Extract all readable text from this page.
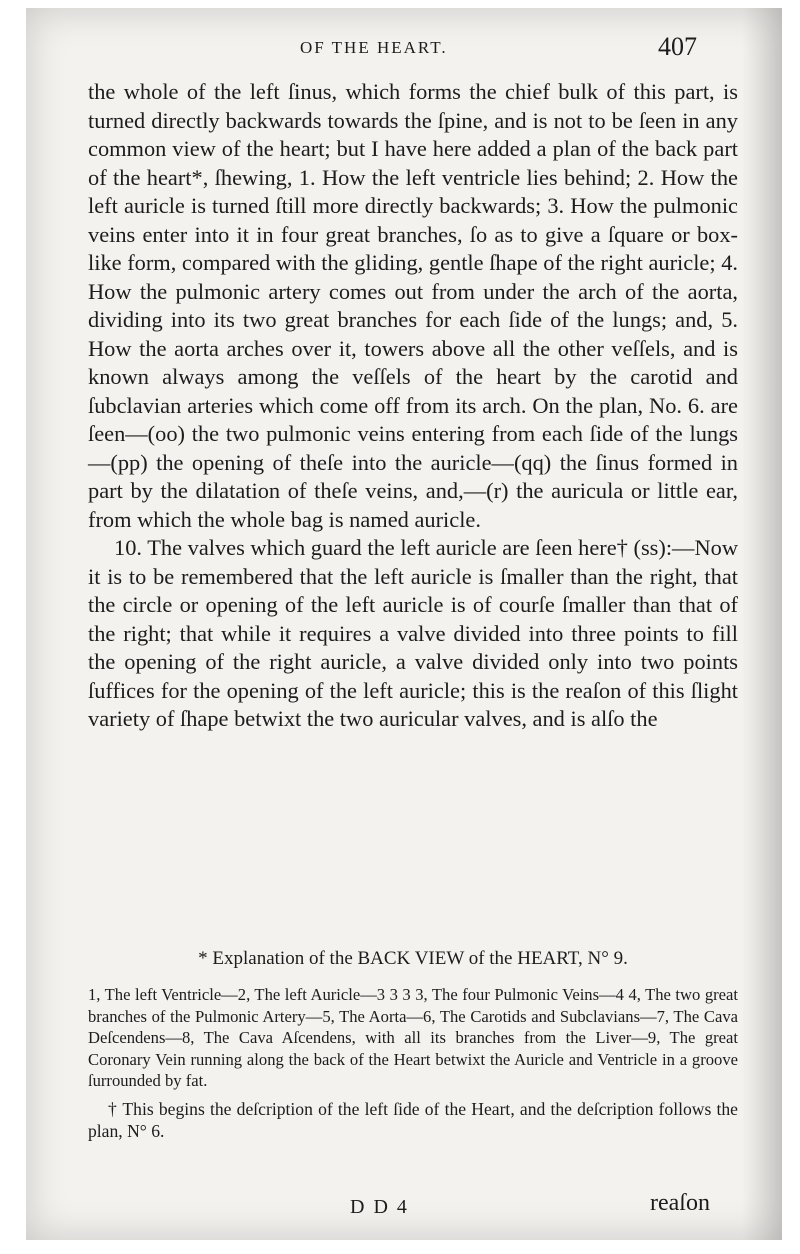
OF THE HEART.	407

the whole of the left ſinus, which forms the chief bulk of this part, is turned directly backwards towards the ſpine, and is not to be ſeen in any common view of the heart; but I have here added a plan of the back part of the heart*, ſhewing, 1. How the left ventricle lies behind; 2. How the left auricle is turned ſtill more directly backwards; 3. How the pulmonic veins enter into it in four great branches, ſo as to give a ſquare or box-like form, compared with the gliding, gentle ſhape of the right auricle; 4. How the pulmonic artery comes out from under the arch of the aorta, dividing into its two great branches for each ſide of the lungs; and, 5. How the aorta arches over it, towers above all the other veſſels, and is known always among the veſſels of the heart by the carotid and ſubclavian arteries which come off from its arch. On the plan, No. 6. are ſeen—(oo) the two pulmonic veins entering from each ſide of the lungs—(pp) the opening of theſe into the auricle—(qq) the ſinus formed in part by the dilatation of theſe veins, and,—(r) the auricula or little ear, from which the whole bag is named auricle.

10. The valves which guard the left auricle are ſeen here† (ss):—Now it is to be remembered that the left auricle is ſmaller than the right, that the circle or opening of the left auricle is of courſe ſmaller than that of the right; that while it requires a valve divided into three points to fill the opening of the right auricle, a valve divided only into two points ſuffices for the opening of the left auricle; this is the reaſon of this ſlight variety of ſhape betwixt the two auricular valves, and is alſo the

* Explanation of the BACK VIEW of the HEART, N° 9.

1, The left Ventricle—2, The left Auricle—3 3 3 3, The four Pulmonic Veins—4 4, The two great branches of the Pulmonic Artery—5, The Aorta—6, The Carotids and Subclavians—7, The Cava Deſcendens—8, The Cava Aſcendens, with all its branches from the Liver—9, The great Coronary Vein running along the back of the Heart betwixt the Auricle and Ventricle in a groove ſurrounded by fat.

† This begins the deſcription of the left ſide of the Heart, and the deſcription follows the plan, N° 6.

D D 4	reaſon
